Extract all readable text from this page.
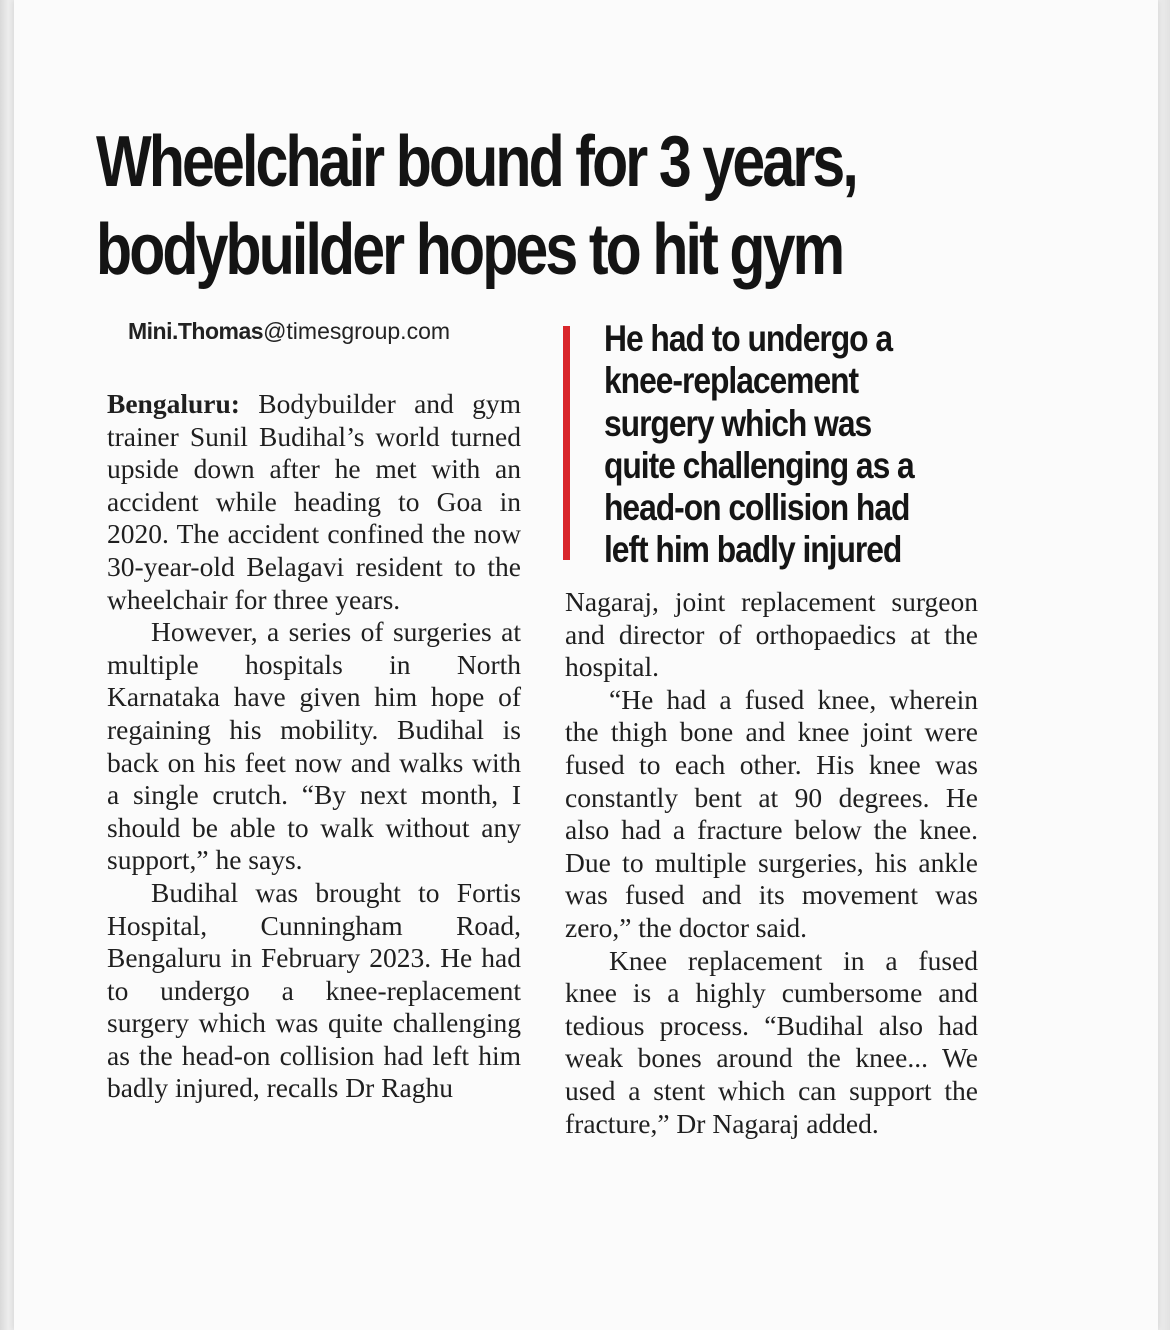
Wheelchair bound for 3 years,
bodybuilder hopes to hit gym
Mini.Thomas@timesgroup.com

Bengaluru: Bodybuilder and gym trainer Sunil Budihal’s world turned upside down after he met with an accident while heading to Goa in 2020. The accident confined the now 30-year-old Belagavi resident to the wheelchair for three years.

However, a series of surgeries at multiple hospitals in North Karnataka have given him hope of regaining his mobility. Budihal is back on his feet now and walks with a single crutch. “By next month, I should be able to walk without any support,” he says.

Budihal was brought to Fortis Hospital, Cunningham Road, Bengaluru in February 2023. He had to undergo a knee-replacement surgery which was quite challenging as the head-on collision had left him badly injured, recalls Dr Raghu

He had to undergo a
knee-replacement
surgery which was
quite challenging as a
head-on collision had
left him badly injured

Nagaraj, joint replacement surgeon and director of orthopaedics at the hospital.

“He had a fused knee, wherein the thigh bone and knee joint were fused to each other. His knee was constantly bent at 90 degrees. He also had a fracture below the knee. Due to multiple surgeries, his ankle was fused and its movement was zero,” the doctor said.

Knee replacement in a fused knee is a highly cumbersome and tedious process. “Budihal also had weak bones around the knee... We used a stent which can support the fracture,” Dr Nagaraj added.
